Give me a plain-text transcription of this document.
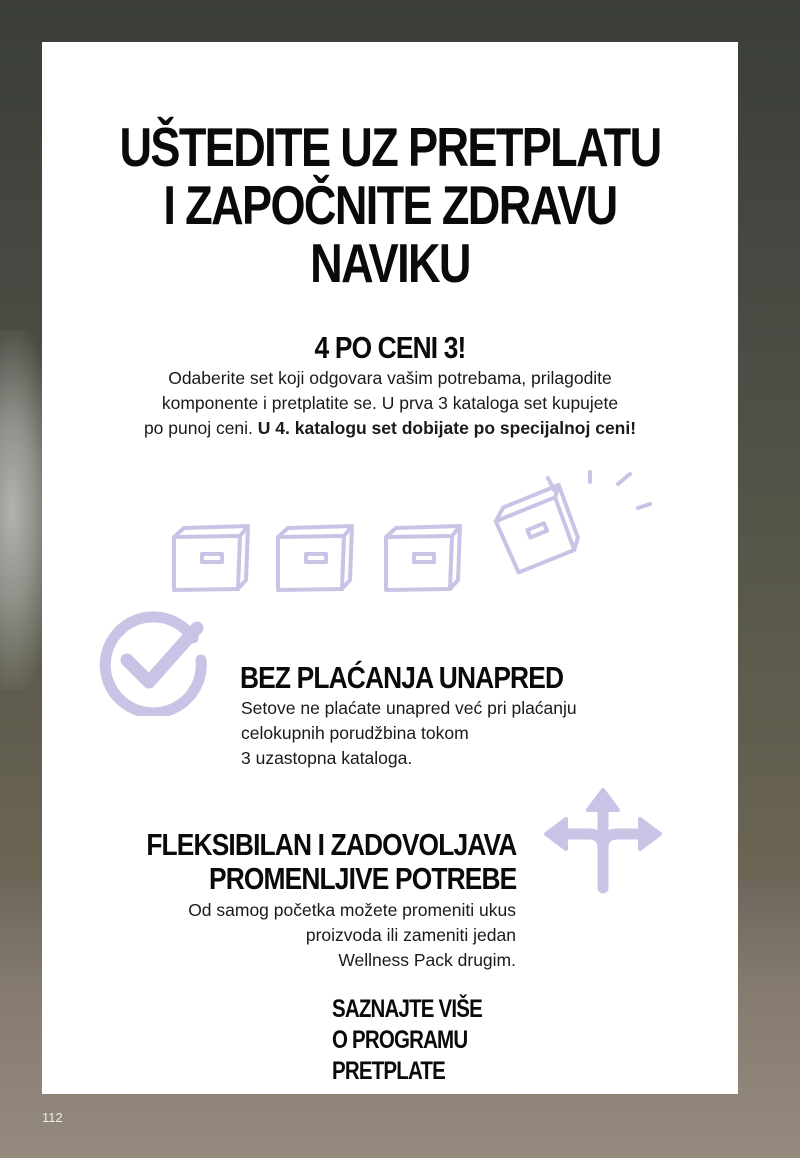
UŠTEDITE UZ PRETPLATU
I ZAPOČNITE ZDRAVU
NAVIKU
4 PO CENI 3!
Odaberite set koji odgovara vašim potrebama, prilagodite
komponente i pretplatite se. U prva 3 kataloga set kupujete
po punoj ceni. U 4. katalogu set dobijate po specijalnoj ceni!
BEZ PLAĆANJA UNAPRED
Setove ne plaćate unapred već pri plaćanju
celokupnih porudžbina tokom
3 uzastopna kataloga.
FLEKSIBILAN I ZADOVOLJAVA
PROMENLJIVE POTREBE
Od samog početka možete promeniti ukus
proizvoda ili zameniti jedan
Wellness Pack drugim.
SAZNAJTE VIŠE
O PROGRAMU
PRETPLATE
112
